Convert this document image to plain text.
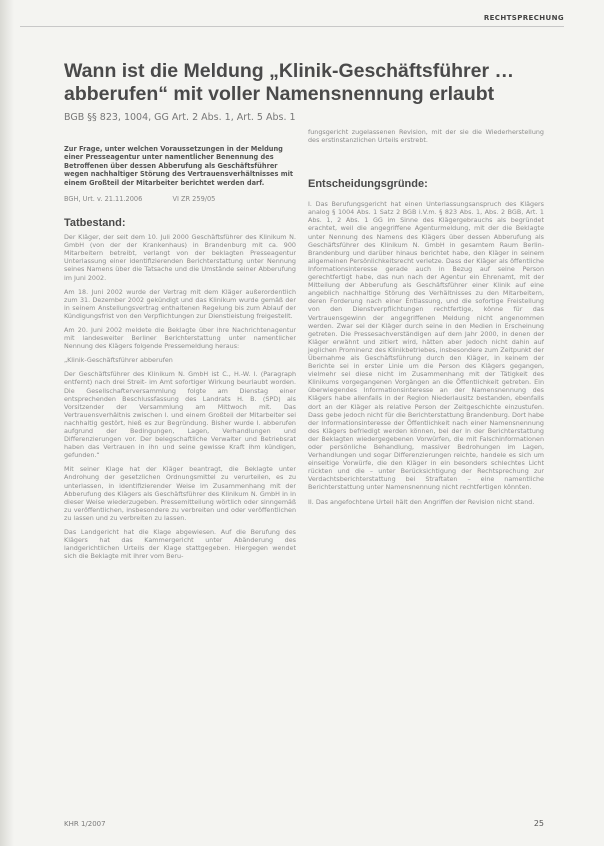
RECHTSPRECHUNG
Wann ist die Meldung „Klinik-Geschäftsführer … abberufen“ mit voller Namensnennung erlaubt
BGB §§ 823, 1004, GG Art. 2 Abs. 1, Art. 5 Abs. 1

Zur Frage, unter welchen Voraussetzungen in der Meldung einer Presseagentur unter namentlicher Benennung des Betroffenen über dessen Abberufung als Geschäftsführer wegen nachhaltiger Störung des Vertrauensverhältnisses mit einem Großteil der Mitarbeiter berichtet werden darf.

BGH, Urt. v. 21.11.2006	VI ZR 259/05
Tatbestand:

Der Kläger, der seit dem 10. Juli 2000 Geschäftsführer des Klinikum N. GmbH (von der der Krankenhaus) in Brandenburg mit ca. 900 Mitarbeitern betreibt, verlangt von der beklagten Presseagentur Unterlassung einer identifizierenden Berichterstattung unter Nennung seines Namens über die Tatsache und die Umstände seiner Abberufung im Juni 2002.

Am 18. Juni 2002 wurde der Vertrag mit dem Kläger außerordentlich zum 31. Dezember 2002 gekündigt und das Klinikum wurde gemäß der in seinem Anstellungsvertrag enthaltenen Regelung bis zum Ablauf der Kündigungsfrist von den Verpflichtungen zur Dienstleistung freigestellt.

Am 20. Juni 2002 meldete die Beklagte über ihre Nachrichtenagentur mit landesweiter Berliner Berichterstattung unter namentlicher Nennung des Klägers folgende Pressemeldung heraus:

„Klinik-Geschäftsführer abberufen

Der Geschäftsführer des Klinikum N. GmbH ist C., H.-W. I. (Paragraph entfernt) nach drei Streit- im Amt sofortiger Wirkung beurlaubt worden. Die Gesellschafterversammlung folgte am Dienstag einer entsprechenden Beschlussfassung des Landrats H. B. (SPD) als Vorsitzender der Versammlung am Mittwoch mit. Das Vertrauensverhältnis zwischen I. und einem Großteil der Mitarbeiter sei nachhaltig gestört, hieß es zur Begründung. Bisher wurde I. abberufen aufgrund der Bedingungen, Lagen, Verhandlungen und Differenzierungen vor. Der belegschaftliche Verwalter und Betriebsrat haben das Vertrauen in ihn und seine gewisse Kraft ihm kündigen, gefunden.“

Mit seiner Klage hat der Kläger beantragt, die Beklagte unter Androhung der gesetzlichen Ordnungsmittel zu verurteilen, es zu unterlassen, in identifizierender Weise im Zusammenhang mit der Abberufung des Klägers als Geschäftsführer des Klinikum N. GmbH in in dieser Weise wiederzugeben. Pressemitteilung wörtlich oder sinngemäß zu veröffentlichen, insbesondere zu verbreiten und oder veröffentlichen zu lassen und zu verbreiten zu lassen.

Das Landgericht hat die Klage abgewiesen. Auf die Berufung des Klägers hat das Kammergericht unter Abänderung des landgerichtlichen Urteils der Klage stattgegeben. Hiergegen wendet sich die Beklagte mit ihrer vom Beru-

fungsgericht zugelassenen Revision, mit der sie die Wiederherstellung des erstinstanzlichen Urteils erstrebt.

Entscheidungsgründe:

I. Das Berufungsgericht hat einen Unterlassungsanspruch des Klägers analog § 1004 Abs. 1 Satz 2 BGB i.V.m. § 823 Abs. 1, Abs. 2 BGB, Art. 1 Abs. 1, 2 Abs. 1 GG im Sinne des Klägergebrauchs als begründet erachtet, weil die angegriffene Agenturmeldung, mit der die Beklagte unter Nennung des Namens des Klägers über dessen Abberufung als Geschäftsführer des Klinikum N. GmbH in gesamtem Raum Berlin-Brandenburg und darüber hinaus berichtet habe, den Kläger in seinem allgemeinen Persönlichkeitsrecht verletze. Dass der Kläger als öffentliche Informationsinteresse gerade auch in Bezug auf seine Person gerechtfertigt habe, das nun nach der Agentur ein Ehrenamt, mit der Mitteilung der Abberufung als Geschäftsführer einer Klinik auf eine angeblich nachhaltige Störung des Verhältnisses zu den Mitarbeitern, deren Forderung nach einer Entlassung, und die sofortige Freistellung von den Dienstverpflichtungen rechtfertige, könne für das Vertrauensgewinn der angegriffenen Meldung nicht angenommen werden. Zwar sei der Kläger durch seine in den Medien in Erscheinung getreten. Die Pressesachverständigen auf dem Jahr 2000, in denen der Kläger erwähnt und zitiert wird, hätten aber jedoch nicht dahin auf jeglichen Prominenz des Klinikbetriebes, insbesondere zum Zeitpunkt der Übernahme als Geschäftsführung durch den Kläger, in keinem der Berichte sei in erster Linie um die Person des Klägers gegangen, vielmehr sei diese nicht im Zusammenhang mit der Tätigkeit des Klinikums vorgegangenen Vorgängen an die Öffentlichkeit getreten. Ein überwiegendes Informationsinteresse an der Namensnennung des Klägers habe allenfalls in der Region Niederlausitz bestanden, ebenfalls dort an der Kläger als relative Person der Zeitgeschichte einzustufen. Dass gebe jedoch nicht für die Berichterstattung Brandenburg. Dort habe der Informationsinteresse der Öffentlichkeit nach einer Namensnennung des Klägers befriedigt werden können, bei der in der Berichterstattung der Beklagten wiedergegebenen Vorwürfen, die mit Falschinformationen oder persönliche Behandlung, massiver Bedrohungen im Lagen, Verhandlungen und sogar Differenzierungen reichte, handele es sich um einseitige Vorwürfe, die den Kläger in ein besonders schlechtes Licht rückten und die – unter Berücksichtigung der Rechtsprechung zur Verdachtsberichterstattung bei Straftaten – eine namentliche Berichterstattung unter Namensnennung nicht rechtfertigen könnten.

II. Das angefochtene Urteil hält den Angriffen der Revision nicht stand.

KHR 1/2007	25
